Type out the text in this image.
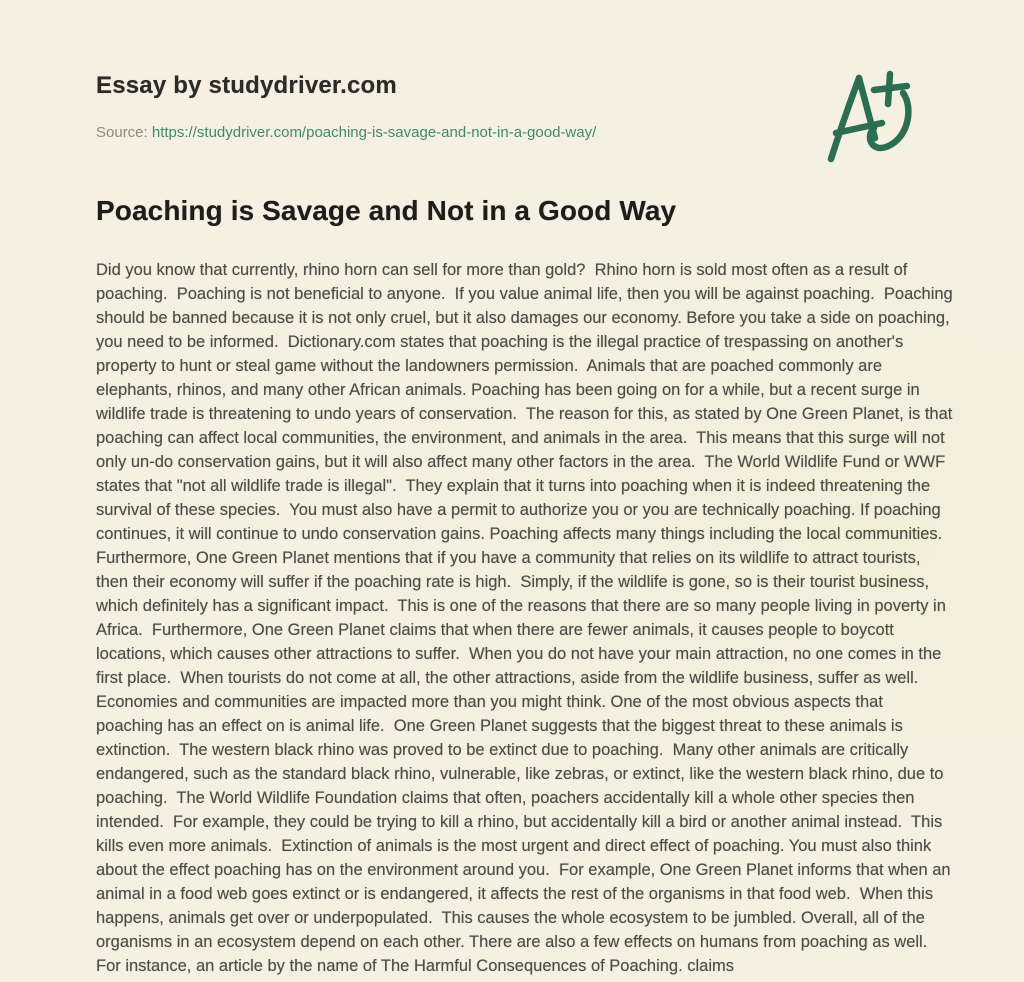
Essay by studydriver.com

Source: https://studydriver.com/poaching-is-savage-and-not-in-a-good-way/

Poaching is Savage and Not in a Good Way
Did you know that currently, rhino horn can sell for more than gold?  Rhino horn is sold most often as a result of
poaching.  Poaching is not beneficial to anyone.  If you value animal life, then you will be against poaching.  Poaching
should be banned because it is not only cruel, but it also damages our economy. Before you take a side on poaching,
you need to be informed.  Dictionary.com states that poaching is the illegal practice of trespassing on another's
property to hunt or steal game without the landowners permission.  Animals that are poached commonly are
elephants, rhinos, and many other African animals. Poaching has been going on for a while, but a recent surge in
wildlife trade is threatening to undo years of conservation.  The reason for this, as stated by One Green Planet, is that
poaching can affect local communities, the environment, and animals in the area.  This means that this surge will not
only un-do conservation gains, but it will also affect many other factors in the area.  The World Wildlife Fund or WWF
states that "not all wildlife trade is illegal".  They explain that it turns into poaching when it is indeed threatening the
survival of these species.  You must also have a permit to authorize you or you are technically poaching. If poaching
continues, it will continue to undo conservation gains. Poaching affects many things including the local communities.
Furthermore, One Green Planet mentions that if you have a community that relies on its wildlife to attract tourists,
then their economy will suffer if the poaching rate is high.  Simply, if the wildlife is gone, so is their tourist business,
which definitely has a significant impact.  This is one of the reasons that there are so many people living in poverty in
Africa.  Furthermore, One Green Planet claims that when there are fewer animals, it causes people to boycott
locations, which causes other attractions to suffer.  When you do not have your main attraction, no one comes in the
first place.  When tourists do not come at all, the other attractions, aside from the wildlife business, suffer as well.
Economies and communities are impacted more than you might think. One of the most obvious aspects that
poaching has an effect on is animal life.  One Green Planet suggests that the biggest threat to these animals is
extinction.  The western black rhino was proved to be extinct due to poaching.  Many other animals are critically
endangered, such as the standard black rhino, vulnerable, like zebras, or extinct, like the western black rhino, due to
poaching.  The World Wildlife Foundation claims that often, poachers accidentally kill a whole other species then
intended.  For example, they could be trying to kill a rhino, but accidentally kill a bird or another animal instead.  This
kills even more animals.  Extinction of animals is the most urgent and direct effect of poaching. You must also think
about the effect poaching has on the environment around you.  For example, One Green Planet informs that when an
animal in a food web goes extinct or is endangered, it affects the rest of the organisms in that food web.  When this
happens, animals get over or underpopulated.  This causes the whole ecosystem to be jumbled. Overall, all of the
organisms in an ecosystem depend on each other. There are also a few effects on humans from poaching as well.
For instance, an article by the name of The Harmful Consequences of Poaching. claims
